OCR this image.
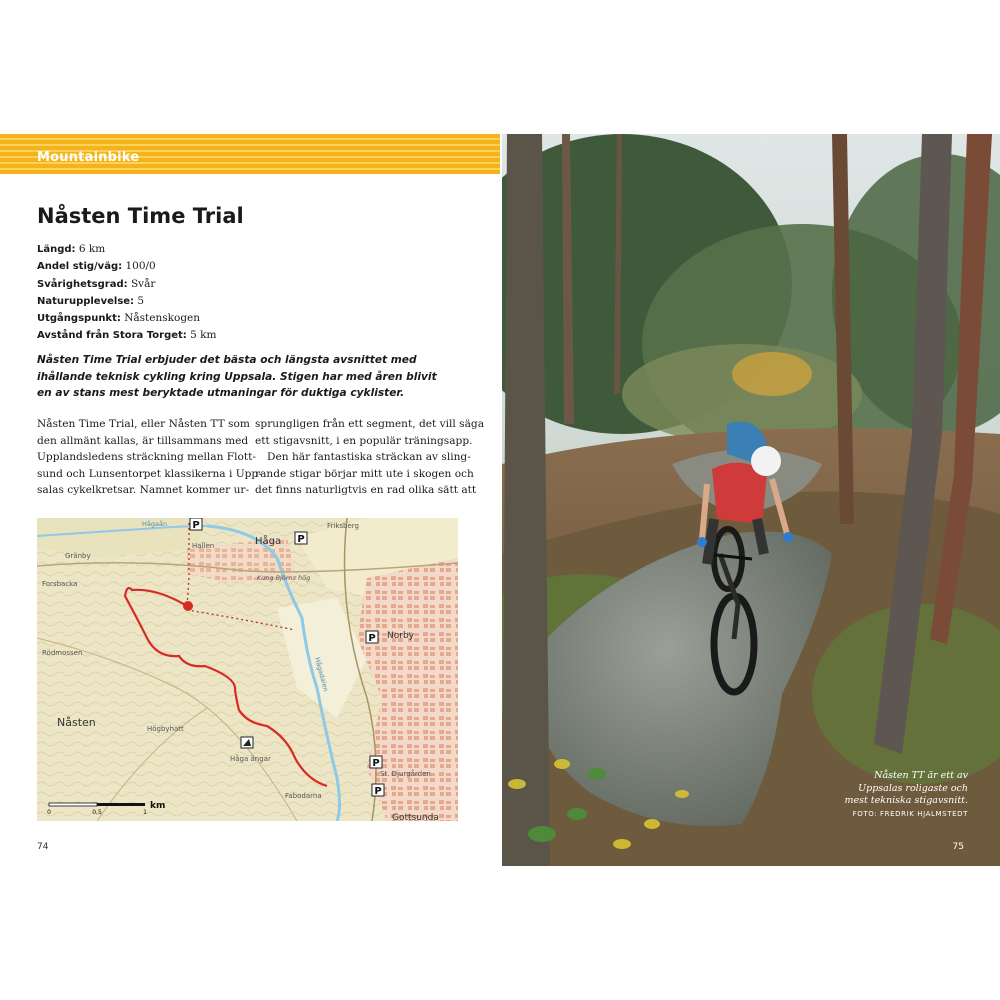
Mountainbike
Nåsten Time Trial
Längd: 6 km
Andel stig/väg: 100/0
Svårighetsgrad: Svår
Naturupplevelse: 5
Utgångspunkt: Nåstenskogen
Avstånd från Stora Torget: 5 km
Nåsten Time Trial erbjuder det bästa och längsta avsnittet med
ihållande teknisk cykling kring Uppsala. Stigen har med åren blivit
en av stans mest beryktade utmaningar för duktiga cyklister.
Nåsten Time Trial, eller Nåsten TT som
den allmänt kallas, är tillsammans med
Upplandsledens sträckning mellan Flott-
sund och Lunsentorpet klassikerna i Upp-
salas cykelkretsar. Namnet kommer ur-
sprungligen från ett segment, det vill säga
ett stigavsnitt, i en populär träningsapp.
Den här fantastiska sträckan av sling-
rande stigar börjar mitt ute i skogen och
det finns naturligtvis en rad olika sätt att
P
P
P
P
P
Gränby
Hallen	Håga
Friksberg
Forsbacka
Kung Björns hög
Norby
Rödmossen
Nåsten	Högbyhatt
Håga ängar
Fabodarna
St. Djurgården
Gottsunda
Hågadalen
Hågaån
0	0,5	1
km
74
Nåsten TT är ett av
Uppsalas roligaste och
mest tekniska stigavsnitt.
FOTO: FREDRIK HJALMSTEDT
75
